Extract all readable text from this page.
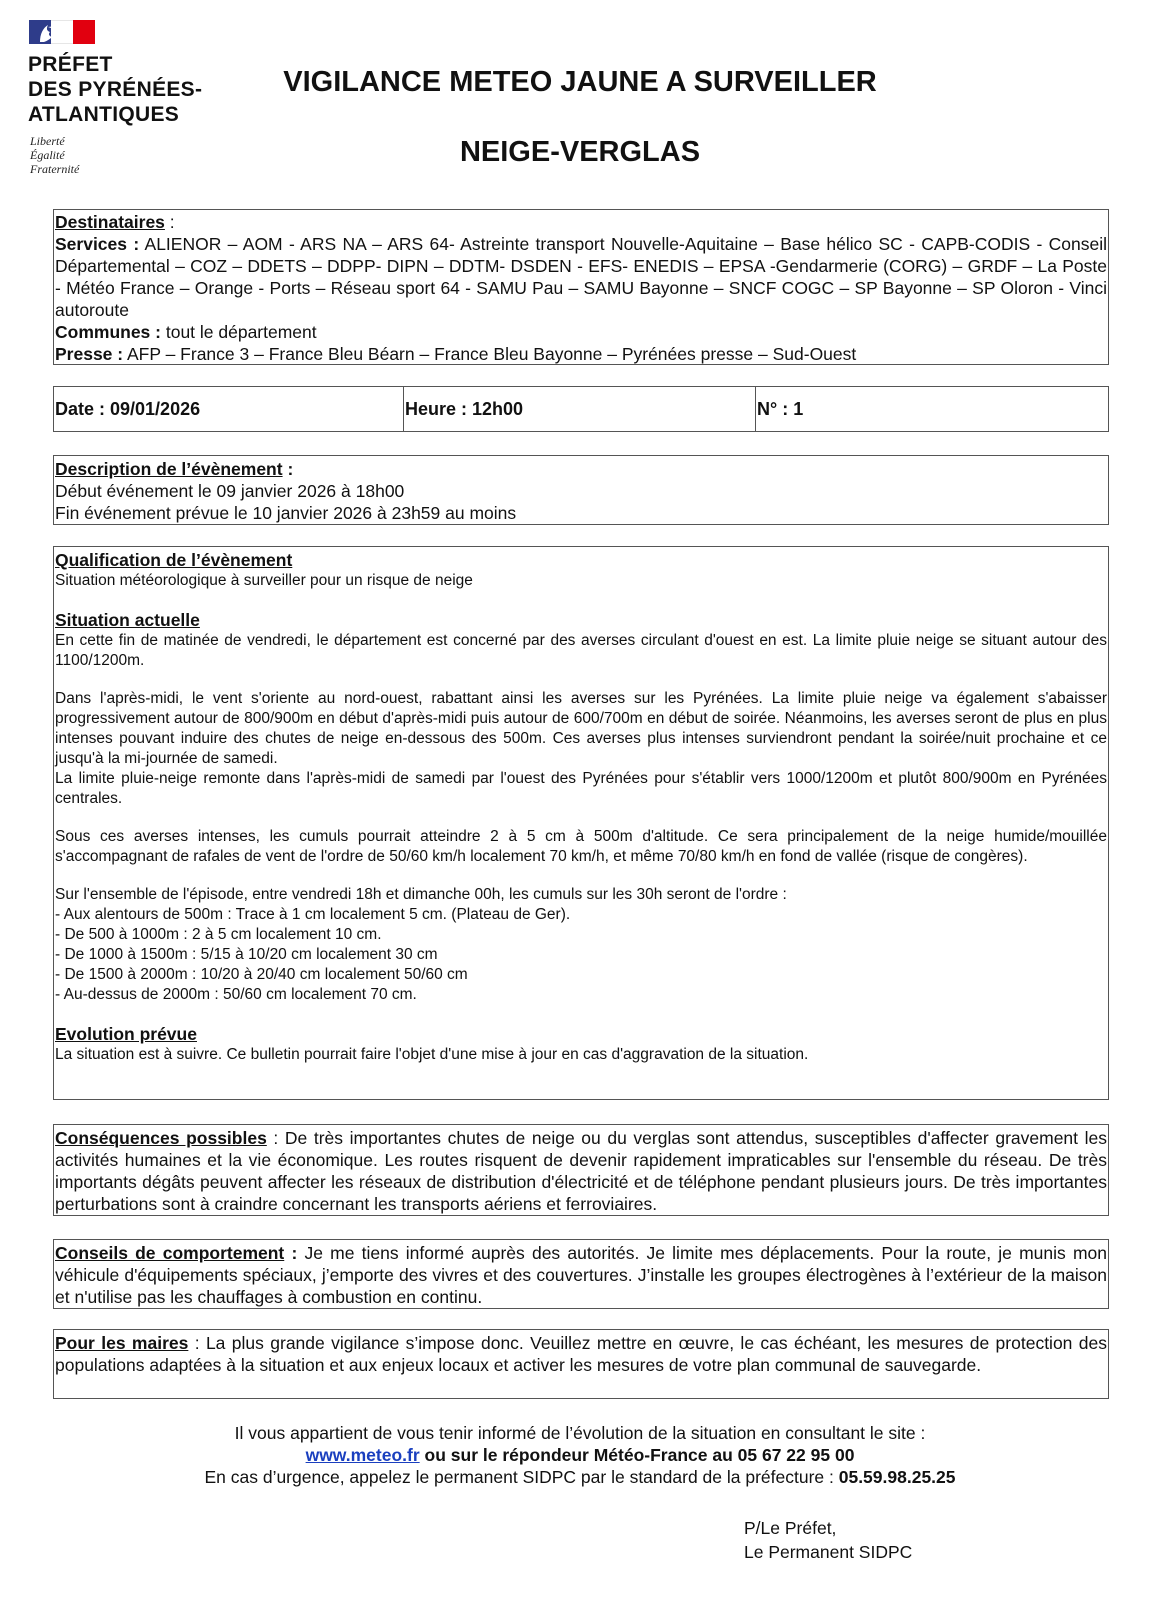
PRÉFET
DES PYRÉNÉES-
ATLANTIQUES
Liberté
Égalité
Fraternité
VIGILANCE METEO JAUNE A SURVEILLER
NEIGE-VERGLAS

Destinataires :

Services : ALIENOR – AOM - ARS NA – ARS 64- Astreinte transport Nouvelle-Aquitaine – Base hélico SC - CAPB-CODIS - Conseil Départemental – COZ – DDETS – DDPP- DIPN – DDTM- DSDEN - EFS- ENEDIS – EPSA -Gendarmerie (CORG) – GRDF – La Poste - Météo France – Orange - Ports – Réseau sport 64 - SAMU Pau – SAMU Bayonne – SNCF COGC – SP Bayonne – SP Oloron - Vinci autoroute

Communes : tout le département

Presse : AFP – France 3 – France Bleu Béarn – France Bleu Bayonne – Pyrénées presse – Sud-Ouest

Date : 09/01/2026	Heure : 12h00	N° : 1

Description de l’évènement :

Début événement le 09 janvier 2026 à 18h00

Fin événement prévue le 10 janvier 2026 à 23h59 au moins

Qualification de l’évènement

Situation météorologique à surveiller pour un risque de neige

Situation actuelle

En cette fin de matinée de vendredi, le département est concerné par des averses circulant d'ouest en est. La limite pluie neige se situant autour des 1100/1200m.

Dans l'après-midi, le vent s'oriente au nord-ouest, rabattant ainsi les averses sur les Pyrénées. La limite pluie neige va également s'abaisser progressivement autour de 800/900m en début d'après-midi puis autour de 600/700m en début de soirée. Néanmoins, les averses seront de plus en plus intenses pouvant induire des chutes de neige en-dessous des 500m. Ces averses plus intenses surviendront pendant la soirée/nuit prochaine et ce jusqu'à la mi-journée de samedi.

La limite pluie-neige remonte dans l'après-midi de samedi par l'ouest des Pyrénées pour s'établir vers 1000/1200m et plutôt 800/900m en Pyrénées centrales.

Sous ces averses intenses, les cumuls pourrait atteindre 2 à 5 cm à 500m d'altitude. Ce sera principalement de la neige humide/mouillée s'accompagnant de rafales de vent de l'ordre de 50/60 km/h localement 70 km/h, et même 70/80 km/h en fond de vallée (risque de congères).

Sur l'ensemble de l'épisode, entre vendredi 18h et dimanche 00h, les cumuls sur les 30h seront de l'ordre :

- Aux alentours de 500m : Trace à 1 cm localement 5 cm. (Plateau de Ger).

- De 500 à 1000m : 2 à 5 cm localement 10 cm.

- De 1000 à 1500m : 5/15 à 10/20 cm localement 30 cm

- De 1500 à 2000m : 10/20 à 20/40 cm localement 50/60 cm

- Au-dessus de 2000m : 50/60 cm localement 70 cm.

Evolution prévue

La situation est à suivre. Ce bulletin pourrait faire l'objet d'une mise à jour en cas d'aggravation de la situation.

Conséquences possibles : De très importantes chutes de neige ou du verglas sont attendus, susceptibles d'affecter gravement les activités humaines et la vie économique. Les routes risquent de devenir rapidement impraticables sur l'ensemble du réseau. De très importants dégâts peuvent affecter les réseaux de distribution d'électricité et de téléphone pendant plusieurs jours. De très importantes perturbations sont à craindre concernant les transports aériens et ferroviaires.

Conseils de comportement : Je me tiens informé auprès des autorités. Je limite mes déplacements. Pour la route, je munis mon véhicule d'équipements spéciaux, j’emporte des vivres et des couvertures. J’installe les groupes électrogènes à l’extérieur de la maison et n'utilise pas les chauffages à combustion en continu.

Pour les maires : La plus grande vigilance s’impose donc. Veuillez mettre en œuvre, le cas échéant, les mesures de protection des populations adaptées à la situation et aux enjeux locaux et activer les mesures de votre plan communal de sauvegarde.

Il vous appartient de vous tenir informé de l’évolution de la situation en consultant le site :
www.meteo.fr ou sur le répondeur Météo-France au 05 67 22 95 00
En cas d’urgence, appelez le permanent SIDPC par le standard de la préfecture : 05.59.98.25.25
P/Le Préfet,
Le Permanent SIDPC
